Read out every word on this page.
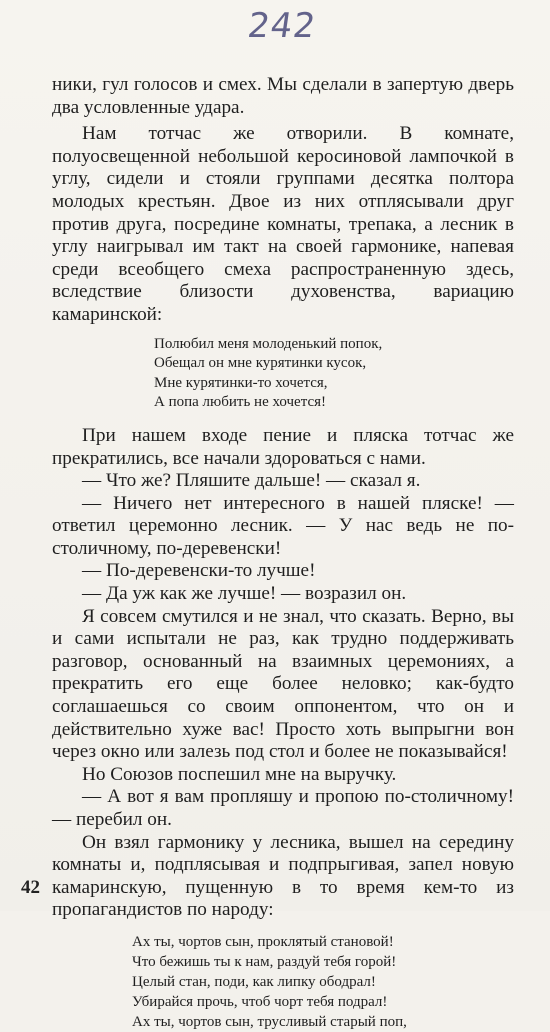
242

ники, гул голосов и смех. Мы сделали в запертую дверь два условленные удара.

Нам тотчас же отворили. В комнате, полуосвещенной небольшой керосиновой лампочкой в углу, сидели и стояли группами десятка полтора молодых крестьян. Двое из них отплясывали друг против друга, посредине комнаты, трепака, а лесник в углу наигрывал им такт на своей гармонике, напевая среди всеобщего смеха распространенную здесь, вследствие близости духовенства, вариацию камаринской:

Полюбил меня молоденький попок,
Обещал он мне курятинки кусок,
Мне курятинки-то хочется,
А попа любить не хочется!

При нашем входе пение и пляска тотчас же прекратились, все начали здороваться с нами.

— Что же? Пляшите дальше! — сказал я.

— Ничего нет интересного в нашей пляске! — ответил церемонно лесник. — У нас ведь не по-столичному, по-деревенски!

— По-деревенски-то лучше!

— Да уж как же лучше! — возразил он.

Я совсем смутился и не знал, что сказать. Верно, вы и сами испытали не раз, как трудно поддерживать разговор, основанный на взаимных церемониях, а прекратить его еще более неловко; как-будто соглашаешься со своим оппонентом, что он и действительно хуже вас! Просто хоть выпрыгни вон через окно или залезь под стол и более не показывайся!

Но Союзов поспешил мне на выручку.

— А вот я вам пропляшу и пропою по-столичному! — перебил он.

Он взял гармонику у лесника, вышел на середину комнаты и, подплясывая и подпрыгивая, запел новую камаринскую, пущенную в то время кем-то из пропагандистов по народу:

Ах ты, чортов сын, проклятый становой!
Что бежишь ты к нам, раздуй тебя горой!
Целый стан, поди, как липку ободрал!
Убирайся прочь, чтоб чорт тебя подрал!
Ах ты, чортов сын, трусливый старый поп,
42
